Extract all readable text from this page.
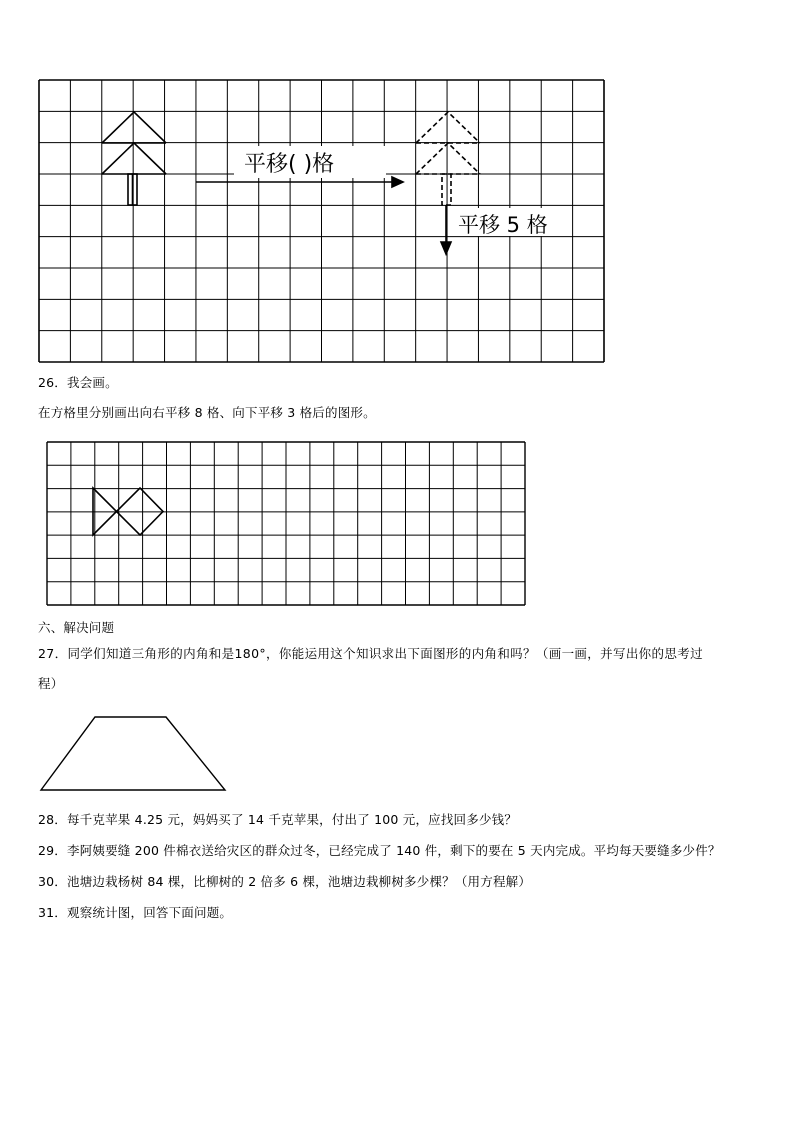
平移( )格
平移 5 格
26．我会画。
在方格里分别画出向右平移 8 格、向下平移 3 格后的图形。
六、解决问题
27．同学们知道三角形的内角和是180°，你能运用这个知识求出下面图形的内角和吗？（画一画，并写出你的思考过
程）
28．每千克苹果 4.25 元，妈妈买了 14 千克苹果，付出了 100 元，应找回多少钱？
29．李阿姨要缝 200 件棉衣送给灾区的群众过冬，已经完成了 140 件，剩下的要在 5 天内完成。平均每天要缝多少件？
30．池塘边栽杨树 84 棵，比柳树的 2 倍多 6 棵，池塘边栽柳树多少棵？（用方程解）
31．观察统计图，回答下面问题。
